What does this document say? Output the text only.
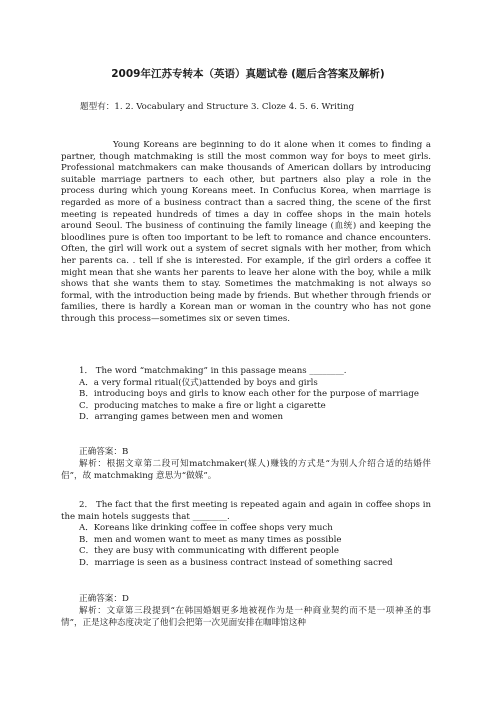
2009年江苏专转本（英语）真题试卷 (题后含答案及解析)
题型有：1. 2. Vocabulary and Structure 3. Cloze 4. 5. 6. Writing

Young Koreans are beginning to do it alone when it comes to finding a partner, though matchmaking is still the most common way for boys to meet girls. Professional matchmakers can make thousands of American dollars by introducing suitable marriage partners to each other, but partners also play a role in the process during which young Koreans meet. In Confucius Korea, when marriage is regarded as more of a business contract than a sacred thing, the scene of the first meeting is repeated hundreds of times a day in coffee shops in the main hotels around Seoul. The business of continuing the family lineage (血统) and keeping the bloodlines pure is often too important to be left to romance and chance encounters. Often, the girl will work out a system of secret signals with her mother, from which her parents ca. . tell if she is interested. For example, if the girl orders a coffee it might mean that she wants her parents to leave her alone with the boy, while a milk shows that she wants them to stay. Sometimes the matchmaking is not always so formal, with the introduction being made by friends. But whether through friends or families, there is hardly a Korean man or woman in the country who has not gone through this process—sometimes six or seven times.

1． The word “matchmaking” in this passage means ________.

A．a very formal ritual(仪式)attended by boys and girls

B．introducing boys and girls to know each other for the purpose of marriage

C．producing matches to make a fire or light a cigarette

D．arranging games between men and women

正确答案：B

解析：根据文章第二段可知matchmaker(媒人)赚钱的方式是“为别人介绍合适的结婚伴侣”，故 matchmaking 意思为“做媒”。

2． The fact that the first meeting is repeated again and again in coffee shops in the main hotels suggests that ________.

A．Koreans like drinking coffee in coffee shops very much

B．men and women want to meet as many times as possible

C．they are busy with communicating with different people

D．marriage is seen as a business contract instead of something sacred

正确答案：D

解析：文章第三段提到“在韩国婚姻更多地被视作为是一种商业契约而不是一项神圣的事情”，正是这种态度决定了他们会把第一次见面安排在咖啡馆这种
